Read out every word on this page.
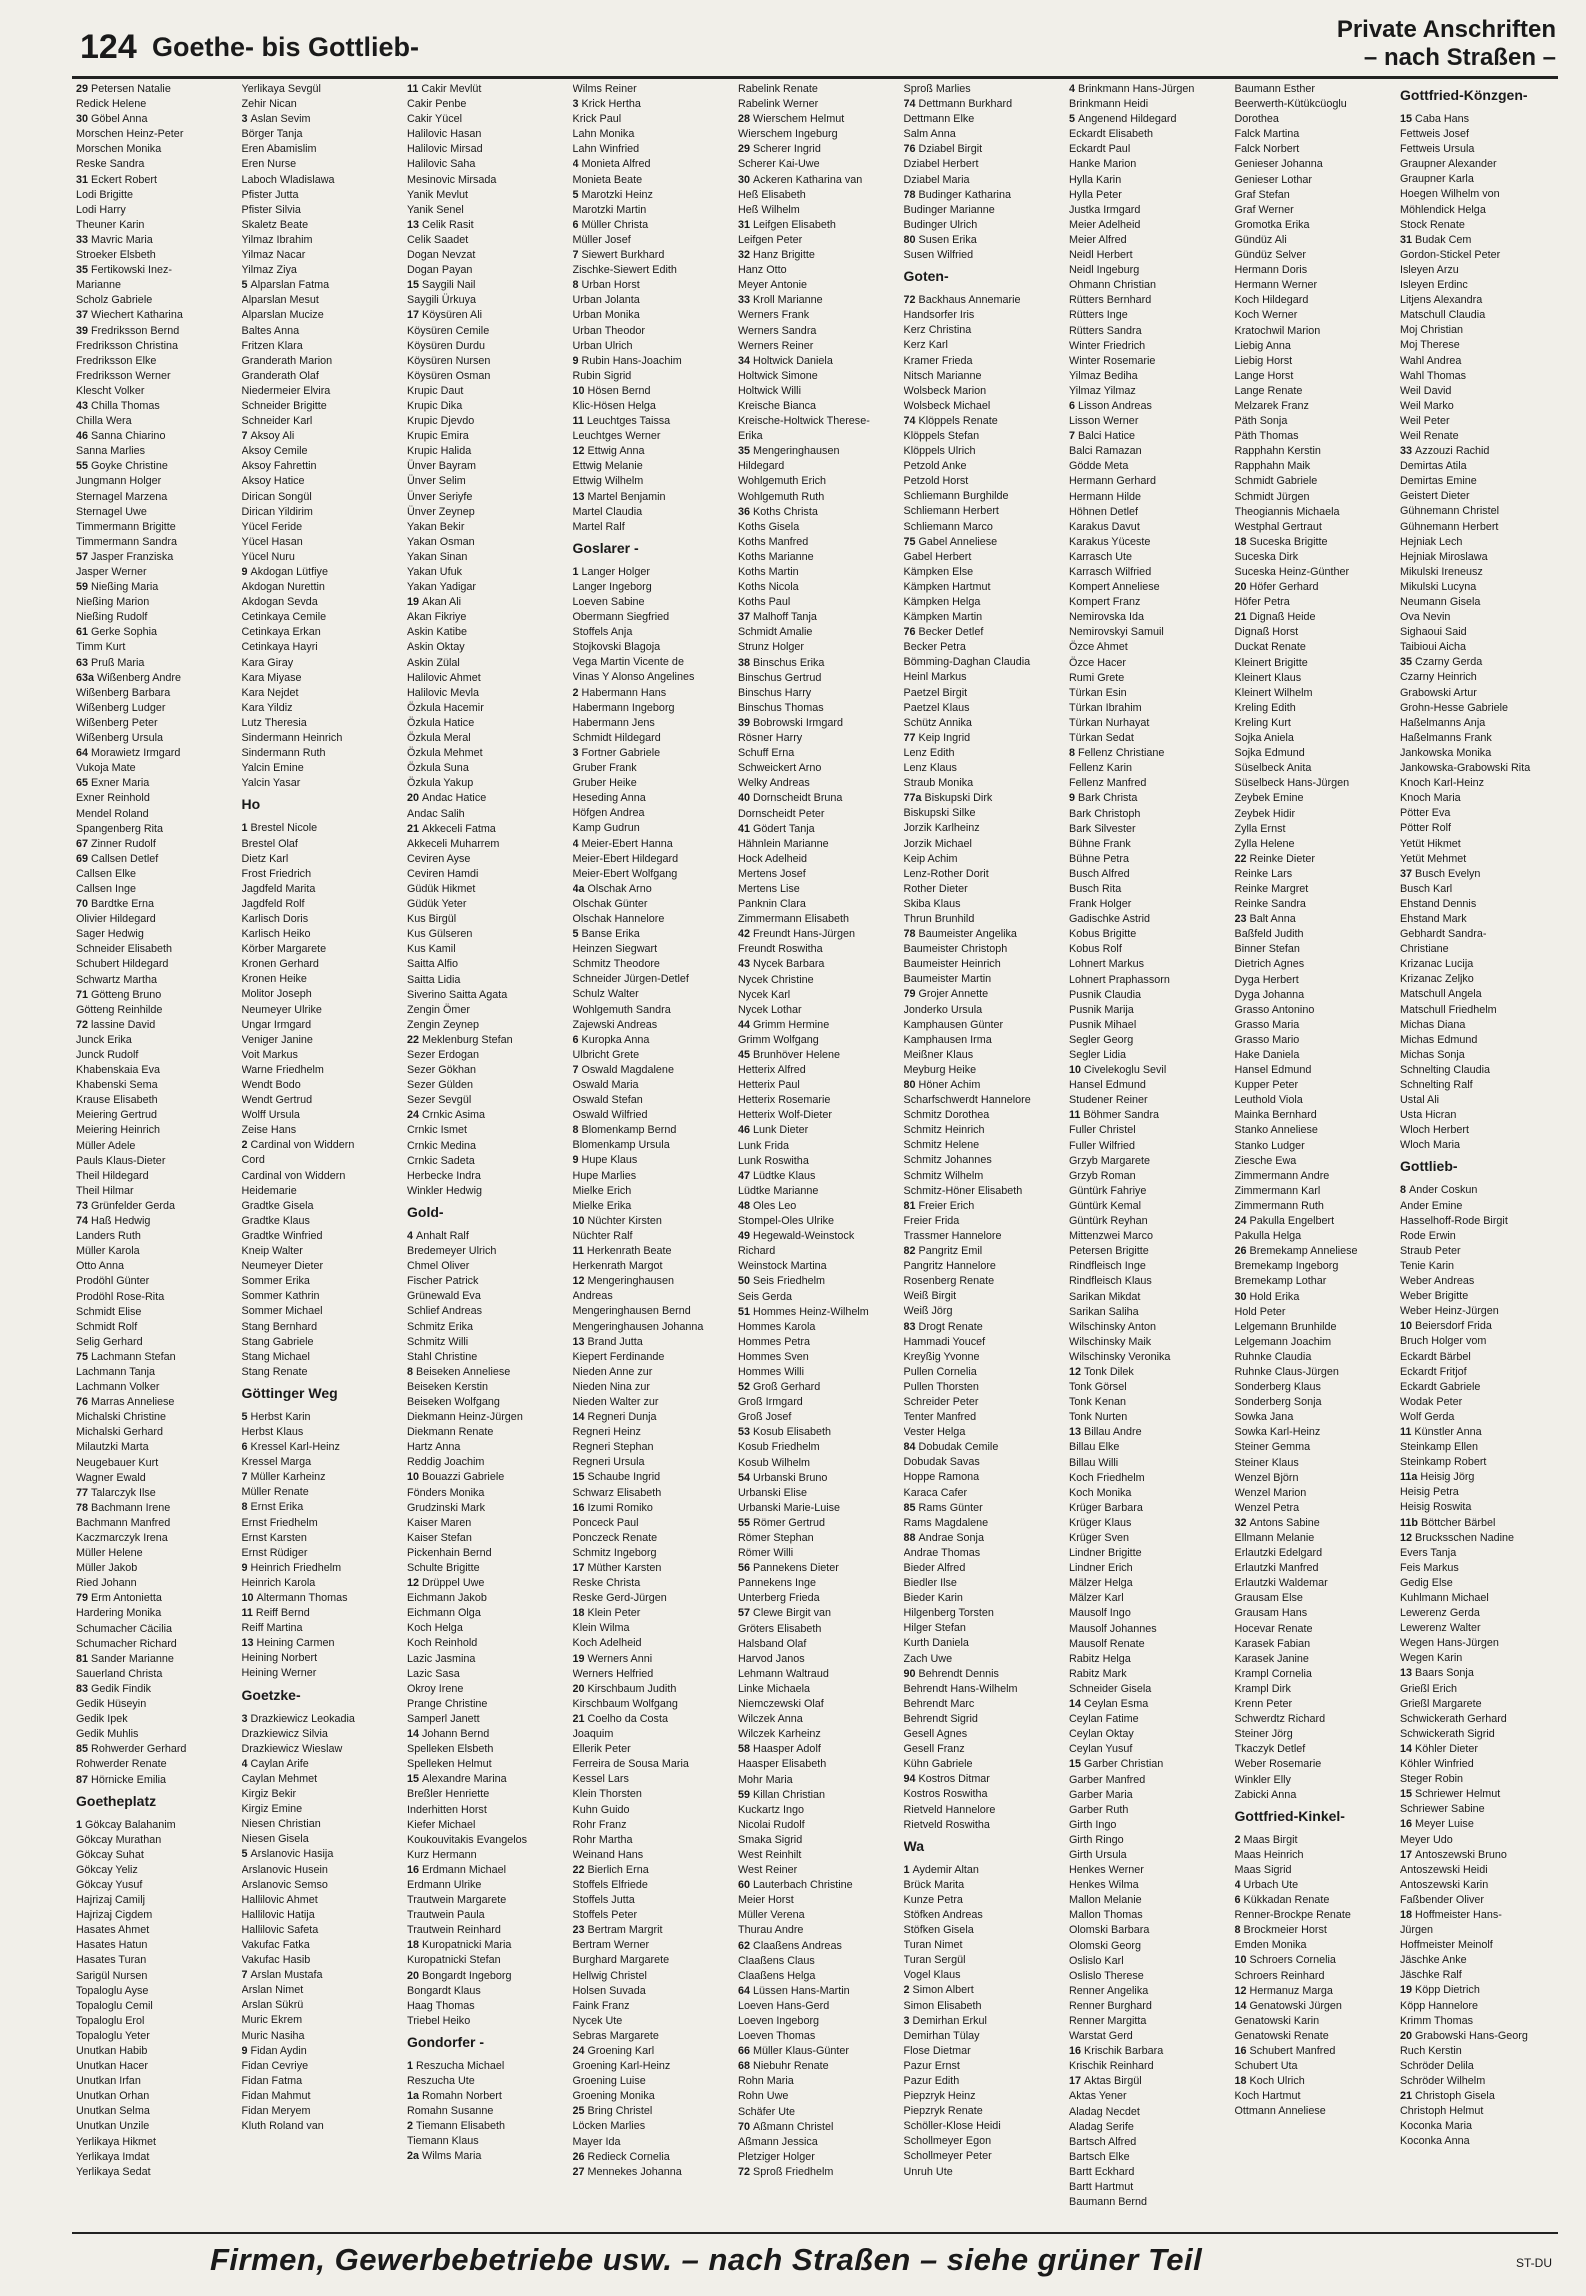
124 Goethe- bis Gottlieb-
Private Anschriften
– nach Straßen –
29 Petersen Natalie
Redick Helene
30 Göbel Anna
Morschen Heinz-Peter
Morschen Monika
Reske Sandra
31 Eckert Robert
Lodi Brigitte
Lodi Harry
Theuner Karin
33 Mavric Maria
Stroeker Elsbeth
35 Fertikowski Inez-
Marianne
Scholz Gabriele
37 Wiechert Katharina
39 Fredriksson Bernd
Fredriksson Christina
Fredriksson Elke
Fredriksson Werner
Klescht Volker
43 Chilla Thomas
Chilla Wera
46 Sanna Chiarino
Sanna Marlies
55 Goyke Christine
Jungmann Holger
Sternagel Marzena
Sternagel Uwe
Timmermann Brigitte
Timmermann Sandra
57 Jasper Franziska
Jasper Werner
59 Nießing Maria
Nießing Marion
Nießing Rudolf
61 Gerke Sophia
Timm Kurt
63 Pruß Maria
63a Wißenberg Andre
Wißenberg Barbara
Wißenberg Ludger
Wißenberg Peter
Wißenberg Ursula
64 Morawietz Irmgard
Vukoja Mate
65 Exner Maria
Exner Reinhold
Mendel Roland
Spangenberg Rita
67 Zinner Rudolf
69 Callsen Detlef
Callsen Elke
Callsen Inge
70 Bardtke Erna
Olivier Hildegard
Sager Hedwig
Schneider Elisabeth
Schubert Hildegard
Schwartz Martha
71 Götteng Bruno
Götteng Reinhilde
72 lassine David
Junck Erika
Junck Rudolf
Khabenskaia Eva
Khabenski Sema
Krause Elisabeth
Meiering Gertrud
Meiering Heinrich
Müller Adele
Pauls Klaus-Dieter
Theil Hildegard
Theil Hilmar
73 Grünfelder Gerda
74 Haß Hedwig
Landers Ruth
Müller Karola
Otto Anna
Prodöhl Günter
Prodöhl Rose-Rita
Schmidt Elise
Schmidt Rolf
Selig Gerhard
75 Lachmann Stefan
Lachmann Tanja
Lachmann Volker
76 Marras Anneliese
Michalski Christine
Michalski Gerhard
Milautzki Marta
Neugebauer Kurt
Wagner Ewald
77 Talarczyk Ilse
78 Bachmann Irene
Bachmann Manfred
Kaczmarczyk Irena
Müller Helene
Müller Jakob
Ried Johann
79 Erm Antonietta
Hardering Monika
Schumacher Cäcilia
Schumacher Richard
81 Sander Marianne
Sauerland Christa
83 Gedik Findik
Gedik Hüseyin
Gedik Ipek
Gedik Muhlis
85 Rohwerder Gerhard
Rohwerder Renate
87 Hörnicke Emilia
Goetheplatz
1 Gökcay Balahanim
Gökcay Murathan
Gökcay Suhat
Gökcay Yeliz
Gökcay Yusuf
Hajrizaj Camilj
Hajrizaj Cigdem
Hasates Ahmet
Hasates Hatun
Hasates Turan
Sarigül Nursen
Topaloglu Ayse
Topaloglu Cemil
Topaloglu Erol
Topaloglu Yeter
Unutkan Habib
Unutkan Hacer
Unutkan Irfan
Unutkan Orhan
Unutkan Selma
Unutkan Unzile
Yerlikaya Hikmet
Yerlikaya Imdat
Yerlikaya Sedat
Yerlikaya Sevgül
Zehir Nican
3 Aslan Sevim
Börger Tanja
Eren Abamislim
Eren Nurse
Laboch Wladislawa
Pfister Jutta
Pfister Silvia
Skaletz Beate
Yilmaz Ibrahim
Yilmaz Nacar
Yilmaz Ziya
5 Alparslan Fatma
Alparslan Mesut
Alparslan Mucize
Baltes Anna
Fritzen Klara
Granderath Marion
Granderath Olaf
Niedermeier Elvira
Schneider Brigitte
Schneider Karl
7 Aksoy Ali
Aksoy Cemile
Aksoy Fahrettin
Aksoy Hatice
Dirican Songül
Dirican Yildirim
Yücel Feride
Yücel Hasan
Yücel Nuru
9 Akdogan Lütfiye
Akdogan Nurettin
Akdogan Sevda
Cetinkaya Cemile
Cetinkaya Erkan
Cetinkaya Hayri
Kara Giray
Kara Miyase
Kara Nejdet
Kara Yildiz
Lutz Theresia
Sindermann Heinrich
Sindermann Ruth
Yalcin Emine
Yalcin Yasar
Ho
1 Brestel Nicole
Brestel Olaf
Dietz Karl
Frost Friedrich
Jagdfeld Marita
Jagdfeld Rolf
Karlisch Doris
Karlisch Heiko
Körber Margarete
Kronen Gerhard
Kronen Heike
Molitor Joseph
Neumeyer Ulrike
Ungar Irmgard
Veniger Janine
Voit Markus
Warne Friedhelm
Wendt Bodo
Wendt Gertrud
Wolff Ursula
Zeise Hans
2 Cardinal von Widdern
Cord
Cardinal von Widdern
Heidemarie
Gradtke Gisela
Gradtke Klaus
Gradtke Winfried
Kneip Walter
Neumeyer Dieter
Sommer Erika
Sommer Kathrin
Sommer Michael
Stang Bernhard
Stang Gabriele
Stang Michael
Stang Renate
Göttinger Weg
5 Herbst Karin
Herbst Klaus
6 Kressel Karl-Heinz
Kressel Marga
7 Müller Karheinz
Müller Renate
8 Ernst Erika
Ernst Friedhelm
Ernst Karsten
Ernst Rüdiger
9 Heinrich Friedhelm
Heinrich Karola
10 Altermann Thomas
11 Reiff Bernd
Reiff Martina
13 Heining Carmen
Heining Norbert
Heining Werner
Goetzke-
3 Drazkiewicz Leokadia
Drazkiewicz Silvia
Drazkiewicz Wieslaw
4 Caylan Arife
Caylan Mehmet
Kirgiz Bekir
Kirgiz Emine
Niesen Christian
Niesen Gisela
5 Arslanovic Hasija
Arslanovic Husein
Arslanovic Semso
Hallilovic Ahmet
Hallilovic Hatija
Hallilovic Safeta
Vakufac Fatka
Vakufac Hasib
7 Arslan Mustafa
Arslan Nimet
Arslan Sükrü
Muric Ekrem
Muric Nasiha
9 Fidan Aydin
Fidan Cevriye
Fidan Fatma
Fidan Mahmut
Fidan Meryem
Kluth Roland van
11 Cakir Mevlüt
Cakir Penbe
Cakir Yücel
Halilovic Hasan
Halilovic Mirsad
Halilovic Saha
Mesinovic Mirsada
Yanik Mevlut
Yanik Senel
13 Celik Rasit
Celik Saadet
Dogan Nevzat
Dogan Payan
15 Saygili Nail
Saygili Ürkuya
17 Köysüren Ali
Köysüren Cemile
Köysüren Durdu
Köysüren Nursen
Köysüren Osman
Krupic Daut
Krupic Dika
Krupic Djevdo
Krupic Emira
Krupic Halida
Ünver Bayram
Ünver Selim
Ünver Seriyfe
Ünver Zeynep
Yakan Bekir
Yakan Osman
Yakan Sinan
Yakan Ufuk
Yakan Yadigar
19 Akan Ali
Akan Fikriye
Askin Katibe
Askin Oktay
Askin Zülal
Halilovic Ahmet
Halilovic Mevla
Özkula Hacemir
Özkula Hatice
Özkula Meral
Özkula Mehmet
Özkula Suna
Özkula Yakup
20 Andac Hatice
Andac Salih
21 Akkeceli Fatma
Akkeceli Muharrem
Ceviren Ayse
Ceviren Hamdi
Güdük Hikmet
Güdük Yeter
Kus Birgül
Kus Gülseren
Kus Kamil
Saitta Alfio
Saitta Lidia
Siverino Saitta Agata
Zengin Ömer
Zengin Zeynep
22 Meklenburg Stefan
Sezer Erdogan
Sezer Gökhan
Sezer Gülden
Sezer Sevgül
24 Crnkic Asima
Crnkic Ismet
Crnkic Medina
Crnkic Sadeta
Herbecke Indra
Winkler Hedwig
Gold-
4 Anhalt Ralf
Bredemeyer Ulrich
Chmel Oliver
Fischer Patrick
Grünewald Eva
Schlief Andreas
Schmitz Erika
Schmitz Willi
Stahl Christine
8 Beiseken Anneliese
Beiseken Kerstin
Beiseken Wolfgang
Diekmann Heinz-Jürgen
Diekmann Renate
Hartz Anna
Reddig Joachim
10 Bouazzi Gabriele
Fönders Monika
Grudzinski Mark
Kaiser Maren
Kaiser Stefan
Pickenhain Bernd
Schulte Brigitte
12 Drüppel Uwe
Eichmann Jakob
Eichmann Olga
Koch Helga
Koch Reinhold
Lazic Jasmina
Lazic Sasa
Okroy Irene
Prange Christine
Samperl Janett
14 Johann Bernd
Spelleken Elsbeth
Spelleken Helmut
15 Alexandre Marina
Breßler Henriette
Inderhitten Horst
Kiefer Michael
Koukouvitakis Evangelos
Kurz Hermann
16 Erdmann Michael
Erdmann Ulrike
Trautwein Margarete
Trautwein Paula
Trautwein Reinhard
18 Kuropatnicki Maria
Kuropatnicki Stefan
20 Bongardt Ingeborg
Bongardt Klaus
Haag Thomas
Triebel Heiko
Gondorfer -
1 Reszucha Michael
Reszucha Ute
1a Romahn Norbert
Romahn Susanne
2 Tiemann Elisabeth
Tiemann Klaus
2a Wilms Maria
Wilms Reiner
3 Krick Hertha
Krick Paul
Lahn Monika
Lahn Winfried
4 Monieta Alfred
Monieta Beate
5 Marotzki Heinz
Marotzki Martin
6 Müller Christa
Müller Josef
7 Siewert Burkhard
Zischke-Siewert Edith
8 Urban Horst
Urban Jolanta
Urban Monika
Urban Theodor
Urban Ulrich
9 Rubin Hans-Joachim
Rubin Sigrid
10 Hösen Bernd
Klic-Hösen Helga
11 Leuchtges Taissa
Leuchtges Werner
12 Ettwig Anna
Ettwig Melanie
Ettwig Wilhelm
13 Martel Benjamin
Martel Claudia
Martel Ralf
Goslarer -
1 Langer Holger
Langer Ingeborg
Loeven Sabine
Obermann Siegfried
Stoffels Anja
Stojkovski Blagoja
Vega Martin Vicente de
Vinas Y Alonso Angelines
2 Habermann Hans
Habermann Ingeborg
Habermann Jens
Schmidt Hildegard
3 Fortner Gabriele
Gruber Frank
Gruber Heike
Heseding Anna
Höfgen Andrea
Kamp Gudrun
4 Meier-Ebert Hanna
Meier-Ebert Hildegard
Meier-Ebert Wolfgang
4a Olschak Arno
Olschak Günter
Olschak Hannelore
5 Banse Erika
Heinzen Siegwart
Schmitz Theodore
Schneider Jürgen-Detlef
Schulz Walter
Wohlgemuth Sandra
Zajewski Andreas
6 Kuropka Anna
Ulbricht Grete
7 Oswald Magdalene
Oswald Maria
Oswald Stefan
Oswald Wilfried
8 Blomenkamp Bernd
Blomenkamp Ursula
9 Hupe Klaus
Hupe Marlies
Mielke Erich
Mielke Erika
10 Nüchter Kirsten
Nüchter Ralf
11 Herkenrath Beate
Herkenrath Margot
12 Mengeringhausen
Andreas
Mengeringhausen Bernd
Mengeringhausen Johanna
13 Brand Jutta
Kiepert Ferdinande
Nieden Anne zur
Nieden Nina zur
Nieden Walter zur
14 Regneri Dunja
Regneri Heinz
Regneri Stephan
Regneri Ursula
15 Schaube Ingrid
Schwarz Elisabeth
16 Izumi Romiko
Ponceck Paul
Ponczeck Renate
Schmitz Ingeborg
17 Müther Karsten
Reske Christa
Reske Gerd-Jürgen
18 Klein Peter
Klein Wilma
Koch Adelheid
19 Werners Anni
Werners Helfried
20 Kirschbaum Judith
Kirschbaum Wolfgang
21 Coelho da Costa
Joaquim
Ellerik Peter
Ferreira de Sousa Maria
Kessel Lars
Klein Thorsten
Kuhn Guido
Rohr Franz
Rohr Martha
Weinand Hans
22 Bierlich Erna
Stoffels Elfriede
Stoffels Jutta
Stoffels Peter
23 Bertram Margrit
Bertram Werner
Burghard Margarete
Hellwig Christel
Holsen Suvada
Faink Franz
Nycek Ute
Sebras Margarete
24 Groening Karl
Groening Karl-Heinz
Groening Luise
Groening Monika
25 Bring Christel
Löcken Marlies
Mayer Ida
26 Redieck Cornelia
27 Mennekes Johanna
Rabelink Renate
Rabelink Werner
28 Wierschem Helmut
Wierschem Ingeburg
29 Scherer Ingrid
Scherer Kai-Uwe
30 Ackeren Katharina van
Heß Elisabeth
Heß Wilhelm
31 Leifgen Elisabeth
Leifgen Peter
32 Hanz Brigitte
Hanz Otto
Meyer Antonie
33 Kroll Marianne
Werners Frank
Werners Sandra
Werners Reiner
34 Holtwick Daniela
Holtwick Simone
Holtwick Willi
Kreische Bianca
Kreische-Holtwick Therese-
Erika
35 Mengeringhausen
Hildegard
Wohlgemuth Erich
Wohlgemuth Ruth
36 Koths Christa
Koths Gisela
Koths Manfred
Koths Marianne
Koths Martin
Koths Nicola
Koths Paul
37 Malhoff Tanja
Schmidt Amalie
Strunz Holger
38 Binschus Erika
Binschus Gertrud
Binschus Harry
Binschus Thomas
39 Bobrowski Irmgard
Rösner Harry
Schuff Erna
Schweickert Arno
Welky Andreas
40 Dornscheidt Bruna
Dornscheidt Peter
41 Gödert Tanja
Hähnlein Marianne
Hock Adelheid
Mertens Josef
Mertens Lise
Panknin Clara
Zimmermann Elisabeth
42 Freundt Hans-Jürgen
Freundt Roswitha
43 Nycek Barbara
Nycek Christine
Nycek Karl
Nycek Lothar
44 Grimm Hermine
Grimm Wolfgang
45 Brunhöver Helene
Hetterix Alfred
Hetterix Paul
Hetterix Rosemarie
Hetterix Wolf-Dieter
46 Lunk Dieter
Lunk Frida
Lunk Roswitha
47 Lüdtke Klaus
Lüdtke Marianne
48 Oles Leo
Stompel-Oles Ulrike
49 Hegewald-Weinstock
Richard
Weinstock Martina
50 Seis Friedhelm
Seis Gerda
51 Hommes Heinz-Wilhelm
Hommes Karola
Hommes Petra
Hommes Sven
Hommes Willi
52 Groß Gerhard
Groß Irmgard
Groß Josef
53 Kosub Elisabeth
Kosub Friedhelm
Kosub Wilhelm
54 Urbanski Bruno
Urbanski Elise
Urbanski Marie-Luise
55 Römer Gertrud
Römer Stephan
Römer Willi
56 Pannekens Dieter
Pannekens Inge
Unterberg Frieda
57 Clewe Birgit van
Gröters Elisabeth
Halsband Olaf
Harvod Janos
Lehmann Waltraud
Linke Michaela
Niemczewski Olaf
Wilczek Anna
Wilczek Karheinz
58 Haasper Adolf
Haasper Elisabeth
Mohr Maria
59 Killan Christian
Kuckartz Ingo
Nicolai Rudolf
Smaka Sigrid
West Reinhilt
West Reiner
60 Lauterbach Christine
Meier Horst
Müller Verena
Thurau Andre
62 Claaßens Andreas
Claaßens Claus
Claaßens Helga
64 Lüssen Hans-Martin
Loeven Hans-Gerd
Loeven Ingeborg
Loeven Thomas
66 Müller Klaus-Günter
68 Niebuhr Renate
Rohn Maria
Rohn Uwe
Schäfer Ute
70 Aßmann Christel
Aßmann Jessica
Pletziger Holger
72 Sproß Friedhelm
Sproß Marlies
74 Dettmann Burkhard
Dettmann Elke
Salm Anna
76 Dziabel Birgit
Dziabel Herbert
Dziabel Maria
78 Budinger Katharina
Budinger Marianne
Budinger Ulrich
80 Susen Erika
Susen Wilfried
Goten-
72 Backhaus Annemarie
Handsorfer Iris
Kerz Christina
Kerz Karl
Kramer Frieda
Nitsch Marianne
Wolsbeck Marion
Wolsbeck Michael
74 Klöppels Renate
Klöppels Stefan
Klöppels Ulrich
Petzold Anke
Petzold Horst
Schliemann Burghilde
Schliemann Herbert
Schliemann Marco
75 Gabel Anneliese
Gabel Herbert
Kämpken Else
Kämpken Hartmut
Kämpken Helga
Kämpken Martin
76 Becker Detlef
Becker Petra
Bömming-Daghan Claudia
Heinl Markus
Paetzel Birgit
Paetzel Klaus
Schütz Annika
77 Keip Ingrid
Lenz Edith
Lenz Klaus
Straub Monika
77a Biskupski Dirk
Biskupski Silke
Jorzik Karlheinz
Jorzik Michael
Keip Achim
Lenz-Rother Dorit
Rother Dieter
Skiba Klaus
Thrun Brunhild
78 Baumeister Angelika
Baumeister Christoph
Baumeister Heinrich
Baumeister Martin
79 Grojer Annette
Jonderko Ursula
Kamphausen Günter
Kamphausen Irma
Meißner Klaus
Meyburg Heike
80 Höner Achim
Scharfschwerdt Hannelore
Schmitz Dorothea
Schmitz Heinrich
Schmitz Helene
Schmitz Johannes
Schmitz Wilhelm
Schmitz-Höner Elisabeth
81 Freier Erich
Freier Frida
Trassmer Hannelore
82 Pangritz Emil
Pangritz Hannelore
Rosenberg Renate
Weiß Birgit
Weiß Jörg
83 Drogt Renate
Hammadi Youcef
Kreyßig Yvonne
Pullen Cornelia
Pullen Thorsten
Schreider Peter
Tenter Manfred
Vester Helga
84 Dobudak Cemile
Dobudak Savas
Hoppe Ramona
Karaca Cafer
85 Rams Günter
Rams Magdalene
88 Andrae Sonja
Andrae Thomas
Bieder Alfred
Biedler Ilse
Bieder Karin
Hilgenberg Torsten
Hilger Stefan
Kurth Daniela
Zach Uwe
90 Behrendt Dennis
Behrendt Hans-Wilhelm
Behrendt Marc
Behrendt Sigrid
Gesell Agnes
Gesell Franz
Kühn Gabriele
94 Kostros Ditmar
Kostros Roswitha
Rietveld Hannelore
Rietveld Roswitha
Wa
1 Aydemir Altan
Brück Marita
Kunze Petra
Stöfken Andreas
Stöfken Gisela
Turan Nimet
Turan Sergül
Vogel Klaus
2 Simon Albert
Simon Elisabeth
3 Demirhan Erkul
Demirhan Tülay
Flose Dietmar
Pazur Ernst
Pazur Edith
Piepzryk Heinz
Piepzryk Renate
Schöller-Klose Heidi
Schollmeyer Egon
Schollmeyer Peter
Unruh Ute
4 Brinkmann Hans-Jürgen
Brinkmann Heidi
5 Angenend Hildegard
Eckardt Elisabeth
Eckardt Paul
Hanke Marion
Hylla Karin
Hylla Peter
Justka Irmgard
Meier Adelheid
Meier Alfred
Neidl Herbert
Neidl Ingeburg
Ohmann Christian
Rütters Bernhard
Rütters Inge
Rütters Sandra
Winter Friedrich
Winter Rosemarie
Yilmaz Bediha
Yilmaz Yilmaz
6 Lisson Andreas
Lisson Werner
7 Balci Hatice
Balci Ramazan
Gödde Meta
Hermann Gerhard
Hermann Hilde
Höhnen Detlef
Karakus Davut
Karakus Yüceste
Karrasch Ute
Karrasch Wilfried
Kompert Anneliese
Kompert Franz
Nemirovska Ida
Nemirovskyi Samuil
Özce Ahmet
Özce Hacer
Rumi Grete
Türkan Esin
Türkan Ibrahim
Türkan Nurhayat
Türkan Sedat
8 Fellenz Christiane
Fellenz Karin
Fellenz Manfred
9 Bark Christa
Bark Christoph
Bark Silvester
Bühne Frank
Bühne Petra
Busch Alfred
Busch Rita
Frank Holger
Gadischke Astrid
Kobus Brigitte
Kobus Rolf
Lohnert Markus
Lohnert Praphassorn
Pusnik Claudia
Pusnik Marija
Pusnik Mihael
Segler Georg
Segler Lidia
10 Civelekoglu Sevil
Hansel Edmund
Studener Reiner
11 Böhmer Sandra
Fuller Christel
Fuller Wilfried
Grzyb Margarete
Grzyb Roman
Güntürk Fahriye
Güntürk Kemal
Güntürk Reyhan
Mittenzwei Marco
Petersen Brigitte
Rindfleisch Inge
Rindfleisch Klaus
Sarikan Mikdat
Sarikan Saliha
Wilschinsky Anton
Wilschinsky Maik
Wilschinsky Veronika
12 Tonk Dilek
Tonk Görsel
Tonk Kenan
Tonk Nurten
13 Billau Andre
Billau Elke
Billau Willi
Koch Friedhelm
Koch Monika
Krüger Barbara
Krüger Klaus
Krüger Sven
Lindner Brigitte
Lindner Erich
Mälzer Helga
Mälzer Karl
Mausolf Ingo
Mausolf Johannes
Mausolf Renate
Rabitz Helga
Rabitz Mark
Schneider Gisela
14 Ceylan Esma
Ceylan Fatime
Ceylan Oktay
Ceylan Yusuf
15 Garber Christian
Garber Manfred
Garber Maria
Garber Ruth
Girth Ingo
Girth Ringo
Girth Ursula
Henkes Werner
Henkes Wilma
Mallon Melanie
Mallon Thomas
Olomski Barbara
Olomski Georg
Oslislo Karl
Oslislo Therese
Renner Angelika
Renner Burghard
Renner Margitta
Warstat Gerd
16 Krischik Barbara
Krischik Reinhard
17 Aktas Birgül
Aktas Yener
Aladag Necdet
Aladag Serife
Bartsch Alfred
Bartsch Elke
Bartt Eckhard
Bartt Hartmut
Baumann Bernd
Baumann Esther
Beerwerth-Kütükcüoglu
Dorothea
Falck Martina
Falck Norbert
Genieser Johanna
Genieser Lothar
Graf Stefan
Graf Werner
Gromotka Erika
Gündüz Ali
Gündüz Selver
Hermann Doris
Hermann Werner
Koch Hildegard
Koch Werner
Kratochwil Marion
Liebig Anna
Liebig Horst
Lange Horst
Lange Renate
Melzarek Franz
Päth Sonja
Päth Thomas
Rapphahn Kerstin
Rapphahn Maik
Schmidt Gabriele
Schmidt Jürgen
Theogiannis Michaela
Westphal Gertraut
18 Suceska Brigitte
Suceska Dirk
Suceska Heinz-Günther
20 Höfer Gerhard
Höfer Petra
21 Dignaß Heide
Dignaß Horst
Duckat Renate
Kleinert Brigitte
Kleinert Klaus
Kleinert Wilhelm
Kreling Edith
Kreling Kurt
Sojka Aniela
Sojka Edmund
Süselbeck Anita
Süselbeck Hans-Jürgen
Zeybek Emine
Zeybek Hidir
Zylla Ernst
Zylla Helene
22 Reinke Dieter
Reinke Lars
Reinke Margret
Reinke Sandra
23 Balt Anna
Baßfeld Judith
Binner Stefan
Dietrich Agnes
Dyga Herbert
Dyga Johanna
Grasso Antonino
Grasso Maria
Grasso Mario
Hake Daniela
Hansel Edmund
Kupper Peter
Leuthold Viola
Mainka Bernhard
Stanko Anneliese
Stanko Ludger
Ziesche Ewa
Zimmermann Andre
Zimmermann Karl
Zimmermann Ruth
24 Pakulla Engelbert
Pakulla Helga
26 Bremekamp Anneliese
Bremekamp Ingeborg
Bremekamp Lothar
30 Hold Erika
Hold Peter
Lelgemann Brunhilde
Lelgemann Joachim
Ruhnke Claudia
Ruhnke Claus-Jürgen
Sonderberg Klaus
Sonderberg Sonja
Sowka Jana
Sowka Karl-Heinz
Steiner Gemma
Steiner Klaus
Wenzel Björn
Wenzel Marion
Wenzel Petra
32 Antons Sabine
Ellmann Melanie
Erlautzki Edelgard
Erlautzki Manfred
Erlautzki Waldemar
Grausam Else
Grausam Hans
Hocevar Renate
Karasek Fabian
Karasek Janine
Krampl Cornelia
Krampl Dirk
Krenn Peter
Schwerdtz Richard
Steiner Jörg
Tkaczyk Detlef
Weber Rosemarie
Winkler Elly
Zabicki Anna
Gottfried-Kinkel-
2 Maas Birgit
Maas Heinrich
Maas Sigrid
4 Urbach Ute
6 Kükkadan Renate
Renner-Brockpe Renate
8 Brockmeier Horst
Emden Monika
10 Schroers Cornelia
Schroers Reinhard
12 Hermanuz Marga
14 Genatowski Jürgen
Genatowski Karin
Genatowski Renate
16 Schubert Manfred
Schubert Uta
18 Koch Ulrich
Koch Hartmut
Ottmann Anneliese
Gottfried-Könzgen-
15 Caba Hans
Fettweis Josef
Fettweis Ursula
Graupner Alexander
Graupner Karla
Hoegen Wilhelm von
Möhlendick Helga
Stock Renate
31 Budak Cem
Gordon-Stickel Peter
Isleyen Arzu
Isleyen Erdinc
Litjens Alexandra
Matschull Claudia
Moj Christian
Moj Therese
Wahl Andrea
Wahl Thomas
Weil David
Weil Marko
Weil Peter
Weil Renate
33 Azzouzi Rachid
Demirtas Atila
Demirtas Emine
Geistert Dieter
Gühnemann Christel
Gühnemann Herbert
Hejniak Lech
Hejniak Miroslawa
Mikulski Ireneusz
Mikulski Lucyna
Neumann Gisela
Ova Nevin
Sighaoui Said
Taibioui Aicha
35 Czarny Gerda
Czarny Heinrich
Grabowski Artur
Grohn-Hesse Gabriele
Haßelmanns Anja
Haßelmanns Frank
Jankowska Monika
Jankowska-Grabowski Rita
Knoch Karl-Heinz
Knoch Maria
Pötter Eva
Pötter Rolf
Yetüt Hikmet
Yetüt Mehmet
37 Busch Evelyn
Busch Karl
Ehstand Dennis
Ehstand Mark
Gebhardt Sandra-
Christiane
Krizanac Lucija
Krizanac Zeljko
Matschull Angela
Matschull Friedhelm
Michas Diana
Michas Edmund
Michas Sonja
Schnelting Claudia
Schnelting Ralf
Ustal Ali
Usta Hicran
Wloch Herbert
Wloch Maria
Gottlieb-
8 Ander Coskun
Ander Emine
Hasselhoff-Rode Birgit
Rode Erwin
Straub Peter
Tenie Karin
Weber Andreas
Weber Brigitte
Weber Heinz-Jürgen
10 Beiersdorf Frida
Bruch Holger vom
Eckardt Bärbel
Eckardt Fritjof
Eckardt Gabriele
Wodak Peter
Wolf Gerda
11 Künstler Anna
Steinkamp Ellen
Steinkamp Robert
11a Heisig Jörg
Heisig Petra
Heisig Roswita
11b Böttcher Bärbel
12 Brucksschen Nadine
Evers Tanja
Feis Markus
Gedig Else
Kuhlmann Michael
Lewerenz Gerda
Lewerenz Walter
Wegen Hans-Jürgen
Wegen Karin
13 Baars Sonja
Grießl Erich
Grießl Margarete
Schwickerath Gerhard
Schwickerath Sigrid
14 Köhler Dieter
Köhler Winfried
Steger Robin
15 Schriewer Helmut
Schriewer Sabine
16 Meyer Luise
Meyer Udo
17 Antoszewski Bruno
Antoszewski Heidi
Antoszewski Karin
Faßbender Oliver
18 Hoffmeister Hans-
Jürgen
Hoffmeister Meinolf
Jäschke Anke
Jäschke Ralf
19 Köpp Dietrich
Köpp Hannelore
Krimm Thomas
20 Grabowski Hans-Georg
Ruch Kerstin
Schröder Delila
Schröder Wilhelm
21 Christoph Gisela
Christoph Helmut
Koconka Maria
Koconka Anna
Firmen, Gewerbebetriebe usw. – nach Straßen – siehe grüner Teil	ST-DU
